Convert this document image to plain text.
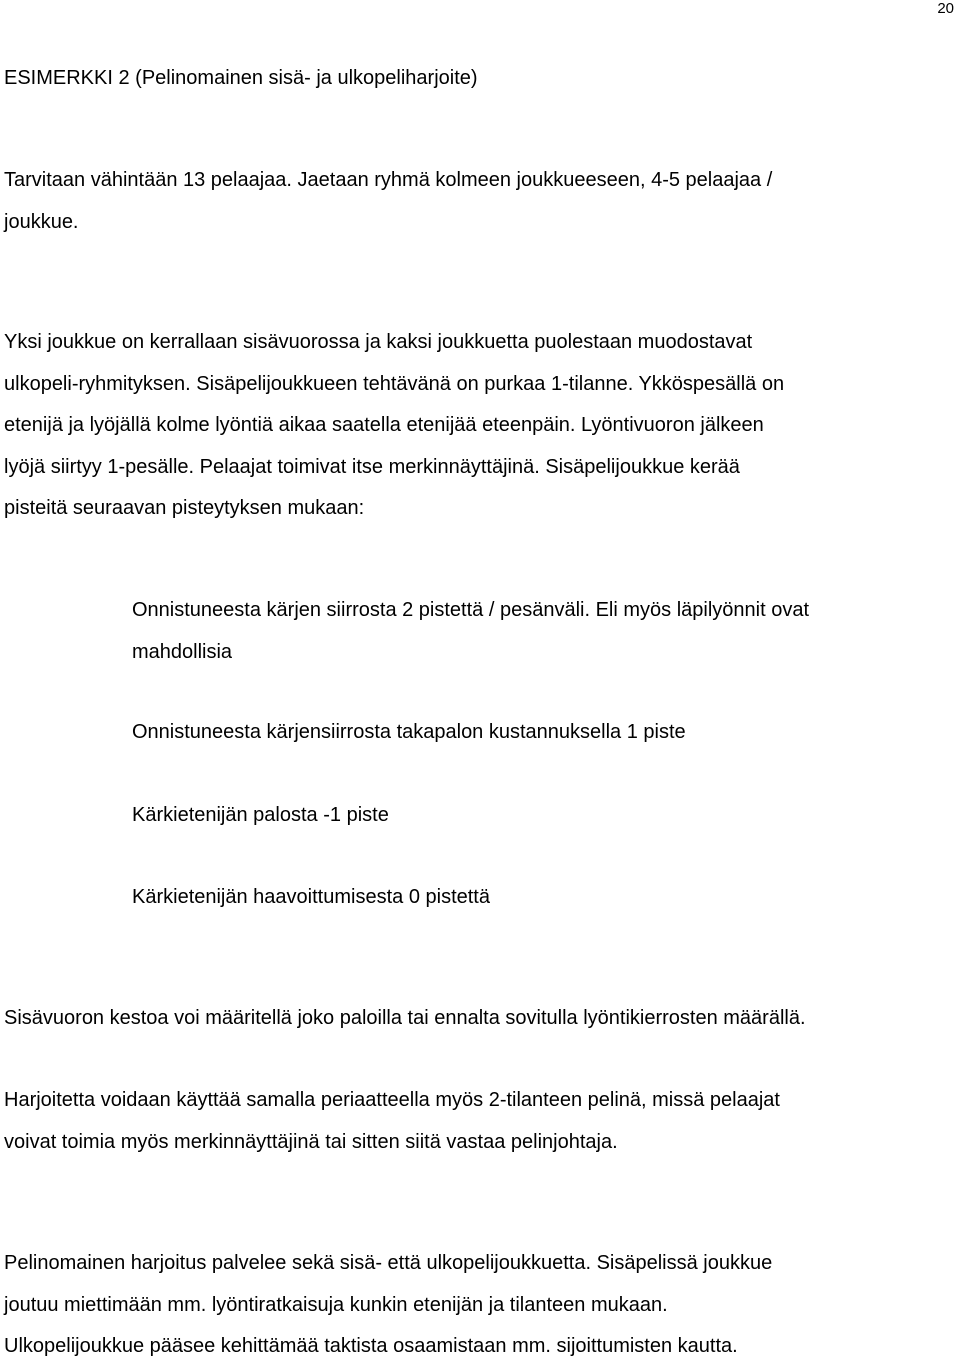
20

ESIMERKKI 2 (Pelinomainen sisä- ja ulkopeliharjoite)

Tarvitaan vähintään 13 pelaajaa. Jaetaan ryhmä kolmeen joukkueeseen, 4-5 pelaajaa /
joukkue.

Yksi joukkue on kerrallaan sisävuorossa ja kaksi joukkuetta puolestaan muodostavat
ulkopeli-ryhmityksen. Sisäpelijoukkueen tehtävänä on purkaa 1-tilanne. Ykköspesällä on
etenijä ja lyöjällä kolme lyöntiä aikaa saatella etenijää eteenpäin. Lyöntivuoron jälkeen
lyöjä siirtyy 1-pesälle. Pelaajat toimivat itse merkinnäyttäjinä. Sisäpelijoukkue kerää
pisteitä seuraavan pisteytyksen mukaan:

Onnistuneesta kärjen siirrosta 2 pistettä / pesänväli. Eli myös läpilyönnit ovat
mahdollisia

Onnistuneesta kärjensiirrosta takapalon kustannuksella 1 piste

Kärkietenijän palosta -1 piste

Kärkietenijän haavoittumisesta 0 pistettä

Sisävuoron kestoa voi määritellä joko paloilla tai ennalta sovitulla lyöntikierrosten määrällä.

Harjoitetta voidaan käyttää samalla periaatteella myös 2-tilanteen pelinä, missä pelaajat
voivat toimia myös merkinnäyttäjinä tai sitten siitä vastaa pelinjohtaja.

Pelinomainen harjoitus palvelee sekä sisä- että ulkopelijoukkuetta. Sisäpelissä joukkue
joutuu miettimään mm. lyöntiratkaisuja kunkin etenijän ja tilanteen mukaan.
Ulkopelijoukkue pääsee kehittämää taktista osaamistaan mm. sijoittumisten kautta.
